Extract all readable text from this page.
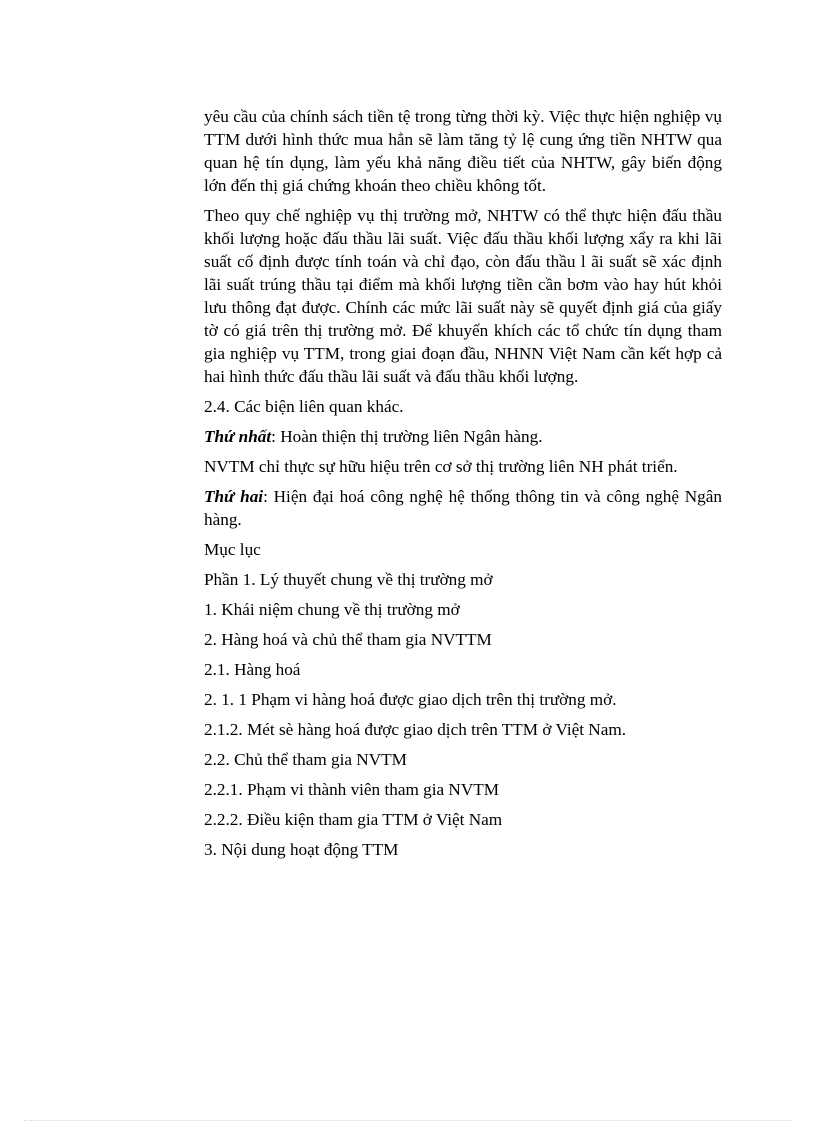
yêu cầu của chính sách tiền tệ trong từng thời kỳ. Việc thực hiện nghiệp vụ TTM dưới hình thức mua hẳn sẽ làm tăng tỷ lệ cung ứng tiền NHTW qua quan hệ tín dụng, làm yếu khả năng điều tiết của NHTW, gây biến động lớn đến thị giá chứng khoán theo chiều không tốt.

Theo quy chế nghiệp vụ thị trường mở, NHTW có thể thực hiện đấu thầu khối lượng hoặc đấu thầu lãi suất. Việc đấu thầu khối lượng xẩy ra khi lãi suất cố định được tính toán và chỉ đạo, còn đấu thầu l ãi suất sẽ xác định lãi suất trúng thầu tại điểm mà khối lượng tiền cần bơm vào hay hút khỏi lưu thông đạt được. Chính các mức lãi suất này sẽ quyết định giá của giấy tờ có giá trên thị trường mở. Để khuyến khích các tổ chức tín dụng tham gia nghiệp vụ TTM, trong giai đoạn đầu, NHNN Việt Nam cần kết hợp cả hai hình thức đấu thầu lãi suất và đấu thầu khối lượng.

2.4. Các biện liên quan khác.

Thứ nhất: Hoàn thiện thị trường liên Ngân hàng.

NVTM chỉ thực sự hữu hiệu trên cơ sở thị trường liên NH phát triển.

Thứ hai: Hiện đại hoá công nghệ hệ thống thông tin và công nghệ Ngân hàng.

Mục lục

Phần 1. Lý thuyết chung về thị trường mở

1. Khái niệm chung về thị trường mở

2. Hàng hoá và chủ thể tham gia NVTTM

2.1. Hàng hoá

2. 1. 1 Phạm vi hàng hoá được giao dịch trên thị trường mở.

2.1.2. Mét sè hàng hoá được giao dịch trên TTM ở Việt Nam.

2.2. Chủ thể tham gia NVTM

2.2.1. Phạm vi thành viên tham gia NVTM

2.2.2. Điều kiện tham gia TTM ở Việt Nam

3. Nội dung hoạt động TTM
